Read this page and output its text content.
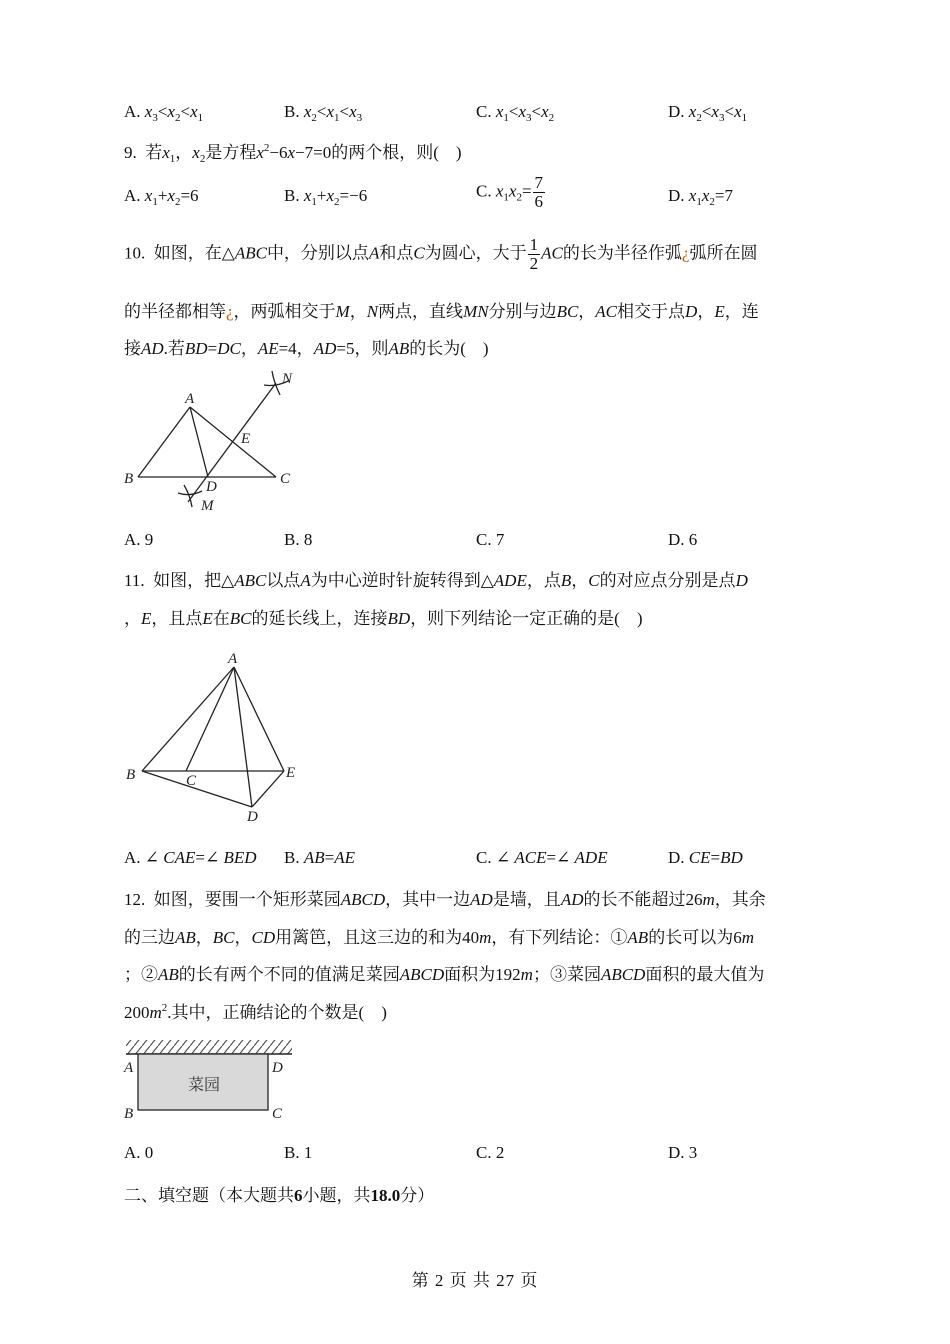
A. $x_3<x_2<x_1$	B. $x_2<x_1<x_3$	C. $x_1<x_3<x_2$	D. $x_2<x_3<x_1$
9. 若$x_1$，$x_2$是方程$x^2-6x-7=0$的两个根，则(　)
A. $x_1+x_2=6$	B. $x_1+x_2=-6$	C. $x_1x_2= \frac{7}{6}$	D. $x_1x_2=7$
10. 如图，在△ABC中，分别以点A和点C为圆心，大于 $\frac{1}{2}$ AC的长为半径作弧¿弧所在圆
的半径都相等¿，两弧相交于M，N两点，直线MN分别与边BC，AC相交于点D，E，连
接AD.若BD=DC，AE=4，AD=5，则AB的长为(　)
A
B	C
D
E
M
N
A. 9	B. 8	C. 7	D. 6
11. 如图，把△ABC以点A为中心逆时针旋转得到△ADE，点B，C的对应点分别是点D
，E，且点E在BC的延长线上，连接BD，则下列结论一定正确的是(　)
A
B	C
D
E
A. ∠ CAE=∠ BED B. AB=AE	C. ∠ ACE=∠ ADE	D. CE=BD
12. 如图，要围一个矩形菜园ABCD，其中一边AD是墙，且AD的长不能超过26m，其余
的三边AB，BC，CD用篱笆，且这三边的和为40m，有下列结论：①AB的长可以为6m
；②AB的长有两个不同的值满足菜园ABCD面积为192m；③菜园ABCD面积的最大值为
$200m^2$.其中，正确结论的个数是(　)
菜园
A	D
B	C
A. 0	B. 1	C. 2	D. 3
二、填空题（本大题共6小题，共18.0分）
第 2 页 共 27 页
